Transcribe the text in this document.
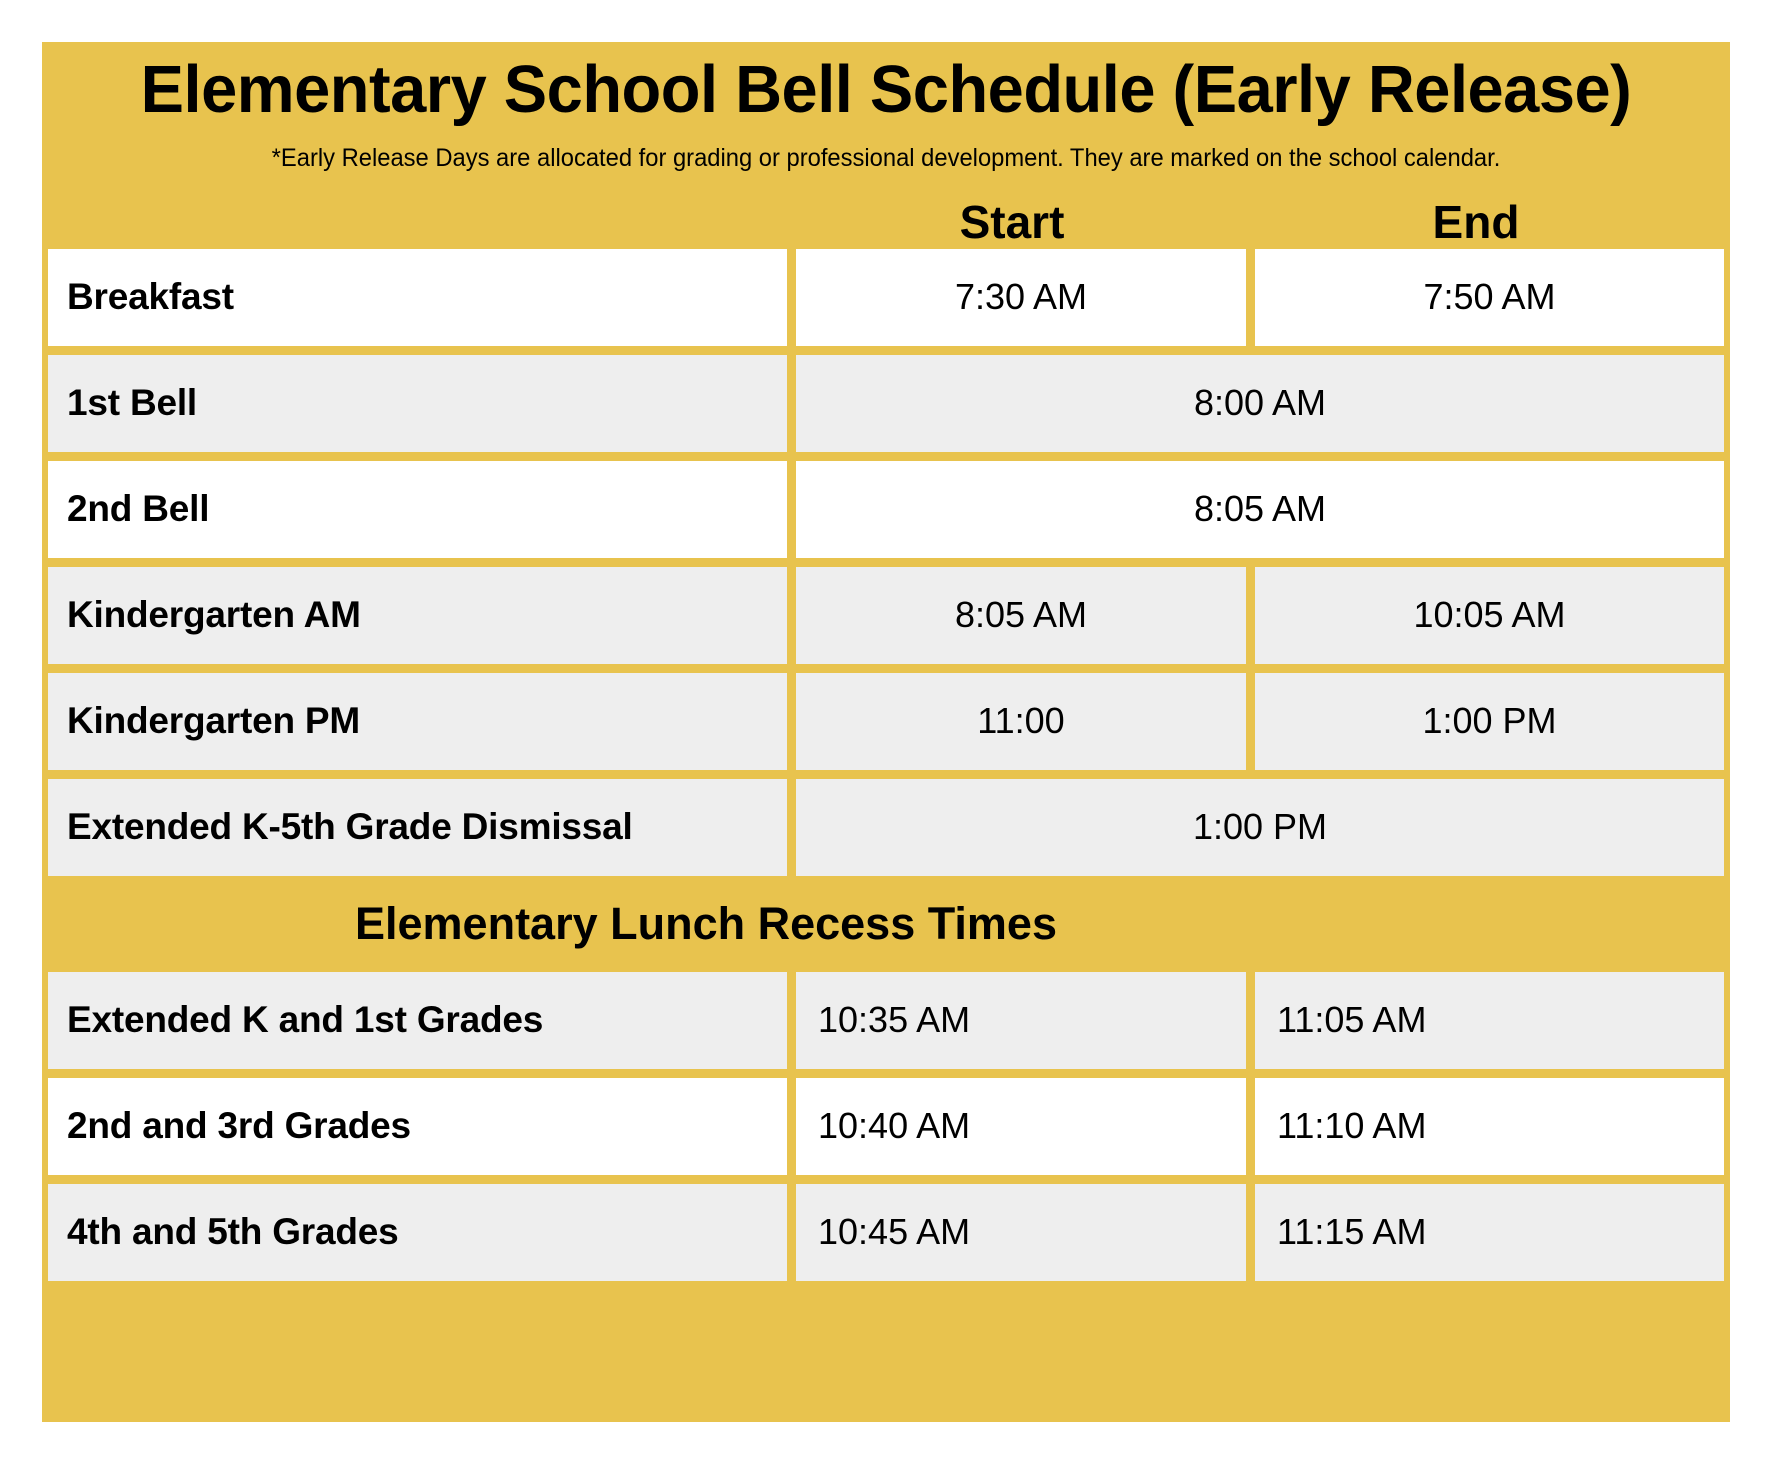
Elementary School Bell Schedule (Early Release)
*Early Release Days are allocated for grading or professional development. They are marked on the school calendar.
Start	End
Breakfast	7:30 AM	7:50 AM
1st Bell	8:00 AM
2nd Bell	8:05 AM
Kindergarten AM	8:05 AM	10:05 AM
Kindergarten PM	11:00	1:00 PM
Extended K-5th Grade Dismissal	1:00 PM
Elementary Lunch Recess Times
Extended K and 1st Grades	10:35 AM	11:05 AM
2nd and 3rd Grades	10:40 AM	11:10 AM
4th and 5th Grades	10:45 AM	11:15 AM
